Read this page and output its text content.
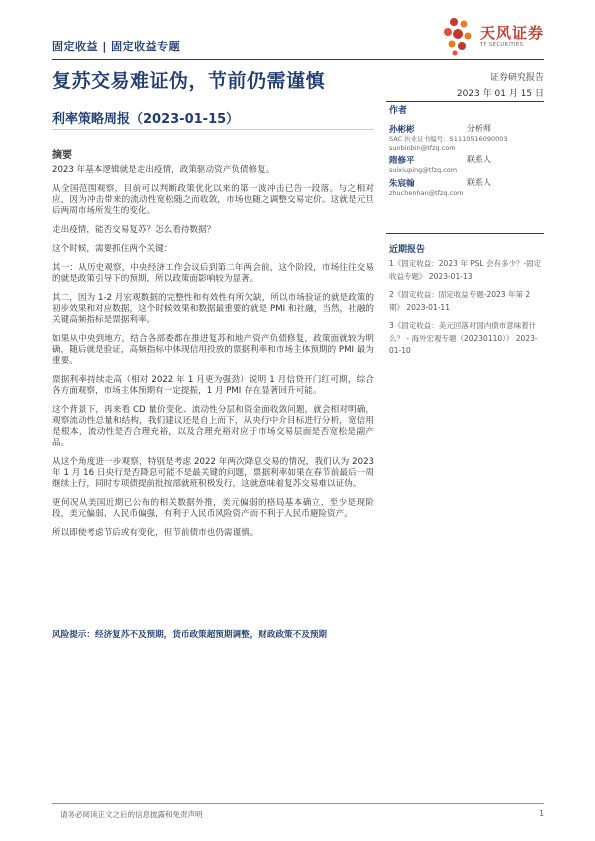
固定收益 | 固定收益专题
天风证券
TF SECURITIES
复苏交易难证伪，节前仍需谨慎	证券研究报告
2023 年 01 月 15 日
利率策略周报（2023-01-15）
作者
孙彬彬	分析师
SAC 执业证书编号：S1110516090003
sunbinbin@tfzq.com
隋修平	联系人
suixiuping@tfzq.com
朱宸翰	联系人
zhuchenhan@tfzq.com
近期报告
1《固定收益：2023 年 PSL 会有多少？-固定收益专题》 2023-01-13
2《固定收益：固定收益专题-2023 年第 2 期》 2023-01-11
3《固定收益：美元回落对国内债市意味着什么？ - 海外宏观专题（20230110）》 2023-01-10
摘要

2023 年基本逻辑就是走出疫情，政策驱动资产负债修复。

从全国范围观察，目前可以判断政策优化以来的第一波冲击已告一段落。与之相对应，因为冲击带来的流动性宽松随之而收敛，市场也随之调整交易定价。这就是元旦后两周市场所发生的变化。

走出疫情，能否交易复苏？怎么看待数据？

这个时候，需要抓住两个关键：

其一：从历史观察，中央经济工作会议后到第二年两会前，这个阶段，市场往往交易的就是政策引导下的预期，所以政策面影响较为显著。

其二，因为 1-2 月宏观数据的完整性和有效性有所欠缺，所以市场验证的就是政策的初步效果和对应数据，这个时候效果和数据最重要的就是 PMI 和社融，当然，社融的关键高频指标是票据利率。

如果从中央到地方，结合各部委都在推进复苏和地产资产负债修复，政策面就较为明确，随后就是验证，高频指标中体现信用投放的票据利率和市场主体预期的 PMI 最为重要。

票据利率持续走高（相对 2022 年 1 月更为强劲）说明 1 月信贷开门红可期，综合各方面观察，市场主体预期有一定提振，1 月 PMI 存在显著回升可能。

这个背景下，再来看 CD 量价变化、流动性分层和资金面收敛问题，就会相对明确，观察流动性总量和结构，我们建议还是自上而下，从央行中介目标进行分析，宽信用是根本，流动性是否合理充裕，以及合理充裕对应于市场交易层面是否宽松是副产品。

从这个角度进一步观察，特别是考虑 2022 年两次降息交易的情况，我们认为 2023 年 1 月 16 日央行是否降息可能不是最关键的问题，票据利率如果在春节前最后一周继续上行，同时专项债提前批按部就班积极发行，这就意味着复苏交易难以证伪。

更何况从美国近期已公布的相关数据外推，美元偏弱的格局基本确立，至少是现阶段，美元偏弱、人民币偏强，有利于人民币风险资产而不利于人民币避险资产。

所以即使考虑节后或有变化，但节前债市也仍需谨慎。

风险提示：经济复苏不及预期，货币政策超预期调整，财政政策不及预期
请务必阅读正文之后的信息披露和免责声明	1
